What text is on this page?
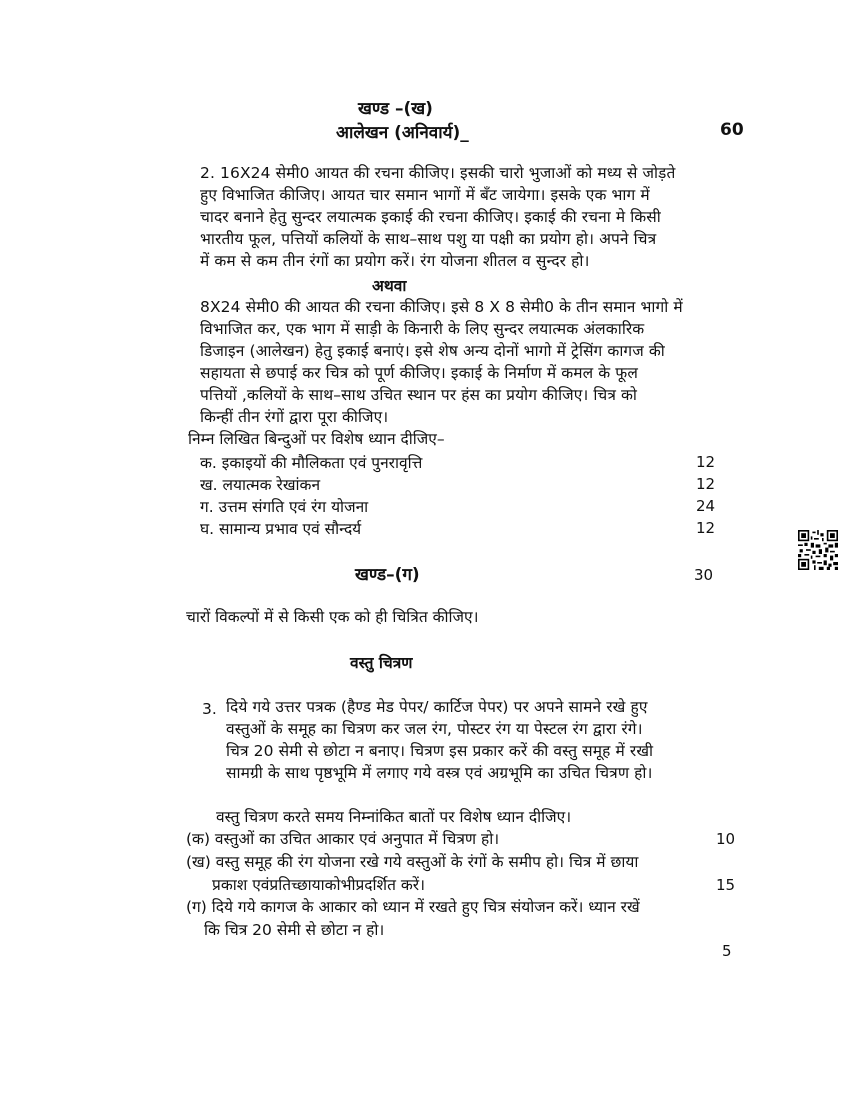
खण्ड –(ख)
आलेखन (अनिवार्य)_	60
2. 16X24 सेमी0 आयत की रचना कीजिए। इसकी चारो भुजाओं को मध्य से जोड़ते
हुए विभाजित कीजिए। आयत चार समान भागों में बँट जायेगा। इसके एक भाग में
चादर बनाने हेतु सुन्दर लयात्मक इकाई की रचना कीजिए। इकाई की रचना मे किसी
भारतीय फूल, पत्तियों कलियों के साथ–साथ पशु या पक्षी का प्रयोग हो। अपने चित्र
में कम से कम तीन रंगों का प्रयोग करें। रंग योजना शीतल व सुन्दर हो।
अथवा
8X24 सेमी0 की आयत की रचना कीजिए। इसे 8 X 8 सेमी0 के तीन समान भागो में
विभाजित कर, एक भाग में साड़ी के किनारी के लिए सुन्दर लयात्मक अंलकारिक
डिजाइन (आलेखन) हेतु इकाई बनाएं। इसे शेष अन्य दोनों भागो में ट्रेसिंग कागज की
सहायता से छपाई कर चित्र को पूर्ण कीजिए। इकाई के निर्माण में कमल के फूल
पत्तियों ,कलियों के साथ–साथ उचित स्थान पर हंस का प्रयोग कीजिए। चित्र को
किन्हीं तीन रंगों द्वारा पूरा कीजिए।
निम्न लिखित बिन्दुओं पर विशेष ध्यान दीजिए–
क. इकाइयों की मौलिकता एवं पुनरावृत्ति	12
ख. लयात्मक रेखांकन	12
ग. उत्तम संगति एवं रंग योजना	24
घ. सामान्य प्रभाव एवं सौन्दर्य	12
खण्ड–(ग)	30
चारों विकल्पों में से किसी एक को ही चित्रित कीजिए।
वस्तु चित्रण
3. दिये गये उत्तर पत्रक (हैण्ड मेड पेपर/ कार्टिज पेपर) पर अपने सामने रखे हुए
वस्तुओं के समूह का चित्रण कर जल रंग, पोस्टर रंग या पेस्टल रंग द्वारा रंगे।
चित्र 20 सेमी से छोटा न बनाए। चित्रण इस प्रकार करें की वस्तु समूह में रखी
सामग्री के साथ पृष्ठभूमि में लगाए गये वस्त्र एवं अग्रभूमि का उचित चित्रण हो।
वस्तु चित्रण करते समय निम्नांकित बातों पर विशेष ध्यान दीजिए।
(क) वस्तुओं का उचित आकार एवं अनुपात में चित्रण हो।	10
(ख) वस्तु समूह की रंग योजना रखे गये वस्तुओं के रंगों के समीप हो। चित्र में छाया
प्रकाश एवंप्रतिच्छायाकोभीप्रदर्शित करें।	15
(ग) दिये गये कागज के आकार को ध्यान में रखते हुए चित्र संयोजन करें। ध्यान रखें
कि चित्र 20 सेमी से छोटा न हो।
5
